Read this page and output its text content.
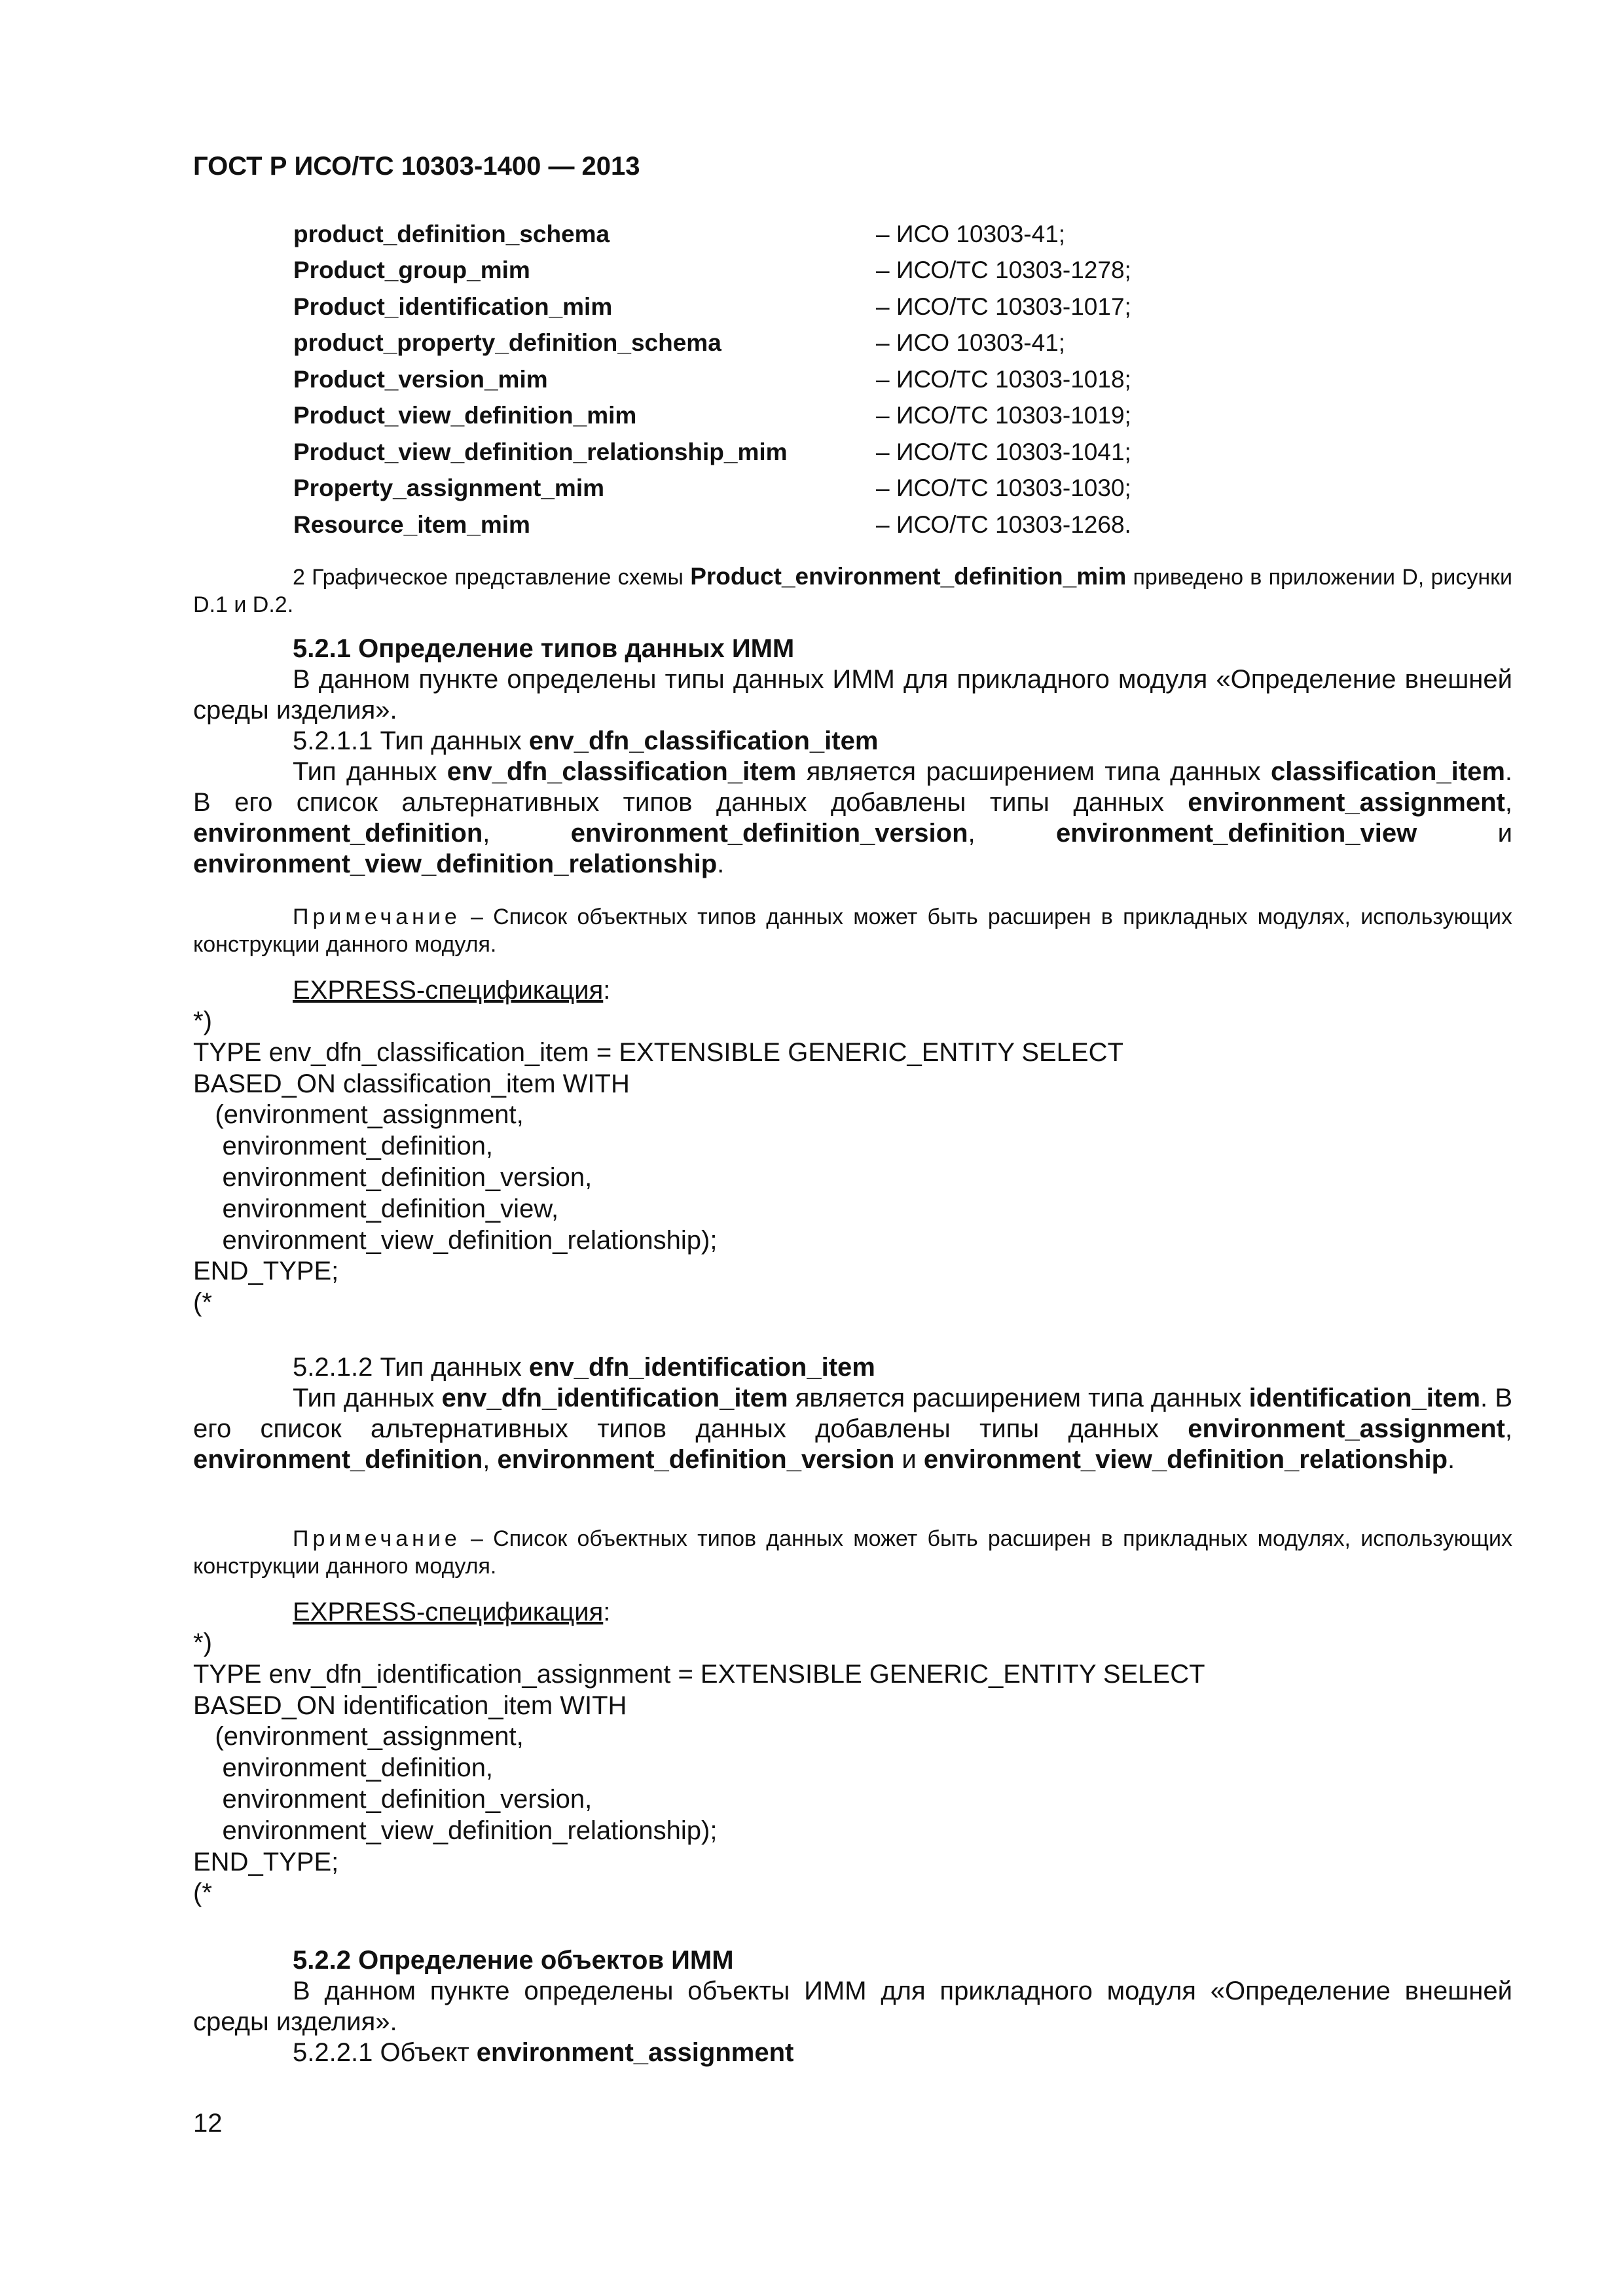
ГОСТ Р ИСО/ТС 10303-1400 — 2013
product_definition_schema	– ИСО 10303-41;
Product_group_mim	– ИСО/ТС 10303-1278;
Product_identification_mim	– ИСО/ТС 10303-1017;
product_property_definition_schema	– ИСО 10303-41;
Product_version_mim	– ИСО/ТС 10303-1018;
Product_view_definition_mim	– ИСО/ТС 10303-1019;
Product_view_definition_relationship_mim	– ИСО/ТС 10303-1041;
Property_assignment_mim	– ИСО/ТС 10303-1030;
Resource_item_mim	– ИСО/ТС 10303-1268.

2 Графическое представление схемы Product_environment_definition_mim приведено в приложении D, рисунки D.1 и D.2.

5.2.1 Определение типов данных ИММ

В данном пункте определены типы данных ИММ для прикладного модуля «Определение внешней среды изделия».

5.2.1.1 Тип данных env_dfn_classification_item

Тип данных env_dfn_classification_item является расширением типа данных classification_item. В его список альтернативных типов данных добавлены типы данных environment_assignment, environment_definition, environment_definition_version, environment_definition_view и environment_view_definition_relationship.

Примечание – Список объектных типов данных может быть расширен в прикладных модулях, использующих конструкции данного модуля.

EXPRESS-спецификация:

*)
TYPE env_dfn_classification_item = EXTENSIBLE GENERIC_ENTITY SELECT
BASED_ON classification_item WITH
(environment_assignment,
environment_definition,
environment_definition_version,
environment_definition_view,
environment_view_definition_relationship);
END_TYPE;
(*

5.2.1.2 Тип данных env_dfn_identification_item

Тип данных env_dfn_identification_item является расширением типа данных identification_item. В его список альтернативных типов данных добавлены типы данных environment_assignment, environment_definition, environment_definition_version и environment_view_definition_relationship.

Примечание – Список объектных типов данных может быть расширен в прикладных модулях, использующих конструкции данного модуля.

EXPRESS-спецификация:

*)
TYPE env_dfn_identification_assignment = EXTENSIBLE GENERIC_ENTITY SELECT
BASED_ON identification_item WITH
(environment_assignment,
environment_definition,
environment_definition_version,
environment_view_definition_relationship);
END_TYPE;
(*

5.2.2 Определение объектов ИММ

В данном пункте определены объекты ИММ для прикладного модуля «Определение внешней среды изделия».

5.2.2.1 Объект environment_assignment

12
